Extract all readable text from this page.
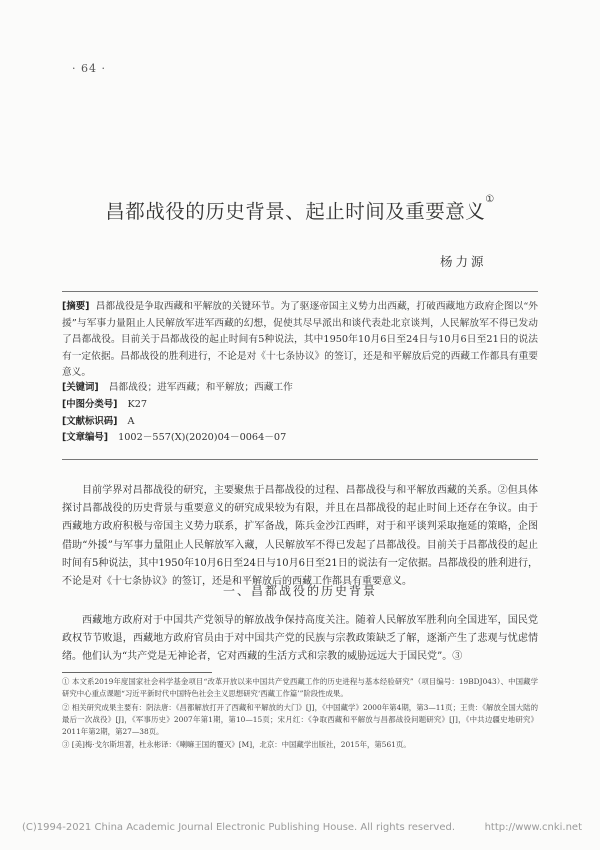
· 64 ·
昌都战役的历史背景、起止时间及重要意义①
杨力源
[摘要] 昌都战役是争取西藏和平解放的关键环节。为了驱逐帝国主义势力出西藏，打破西藏地方政府企图以“外援”与军事力量阻止人民解放军进军西藏的幻想，促使其尽早派出和谈代表赴北京谈判，人民解放军不得已发动了昌都战役。目前关于昌都战役的起止时间有5种说法，其中1950年10月6日至24日与10月6日至21日的说法有一定依据。昌都战役的胜利进行，不论是对《十七条协议》的签订，还是和平解放后党的西藏工作都具有重要意义。
[关键词] 昌都战役；进军西藏；和平解放；西藏工作
[中图分类号] K27
[文献标识码] A
[文章编号] 1002－557(X)(2020)04－0064－07

目前学界对昌都战役的研究，主要聚焦于昌都战役的过程、昌都战役与和平解放西藏的关系。②但具体探讨昌都战役的历史背景与重要意义的研究成果较为有限，并且在昌都战役的起止时间上还存在争议。由于西藏地方政府积极与帝国主义势力联系，扩军备战，陈兵金沙江西畔，对于和平谈判采取拖延的策略，企图借助“外援”与军事力量阻止人民解放军入藏，人民解放军不得已发起了昌都战役。目前关于昌都战役的起止时间有5种说法，其中1950年10月6日至24日与10月6日至21日的说法有一定依据。昌都战役的胜利进行，不论是对《十七条协议》的签订，还是和平解放后的西藏工作都具有重要意义。

一、昌都战役的历史背景

西藏地方政府对于中国共产党领导的解放战争保持高度关注。随着人民解放军胜利向全国进军，国民党政权节节败退，西藏地方政府官员由于对中国共产党的民族与宗教政策缺乏了解，逐渐产生了悲观与忧虑情绪。他们认为“共产党是无神论者，它对西藏的生活方式和宗教的威胁远远大于国民党”。③

① 本文系2019年度国家社会科学基金项目“改革开放以来中国共产党西藏工作的历史进程与基本经验研究”（项目编号：19BDJ043）、中国藏学研究中心重点课题“习近平新时代中国特色社会主义思想研究‘西藏工作篇’”阶段性成果。

② 相关研究成果主要有：阴法唐：《昌都解放打开了西藏和平解放的大门》[J]，《中国藏学》2000年第4期，第3—11页；王贵：《解放全国大陆的最后一次战役》[J]，《军事历史》2007年第1期，第10—15页；宋月红：《争取西藏和平解放与昌都战役问题研究》[J]，《中共边疆史地研究》2011年第2期，第27—38页。

③ [美]梅·戈尔斯坦著，杜永彬译：《喇嘛王国的覆灭》[M]，北京：中国藏学出版社，2015年，第561页。

(C)1994-2021 China Academic Journal Electronic Publishing House. All rights reserved.	http://www.cnki.net
